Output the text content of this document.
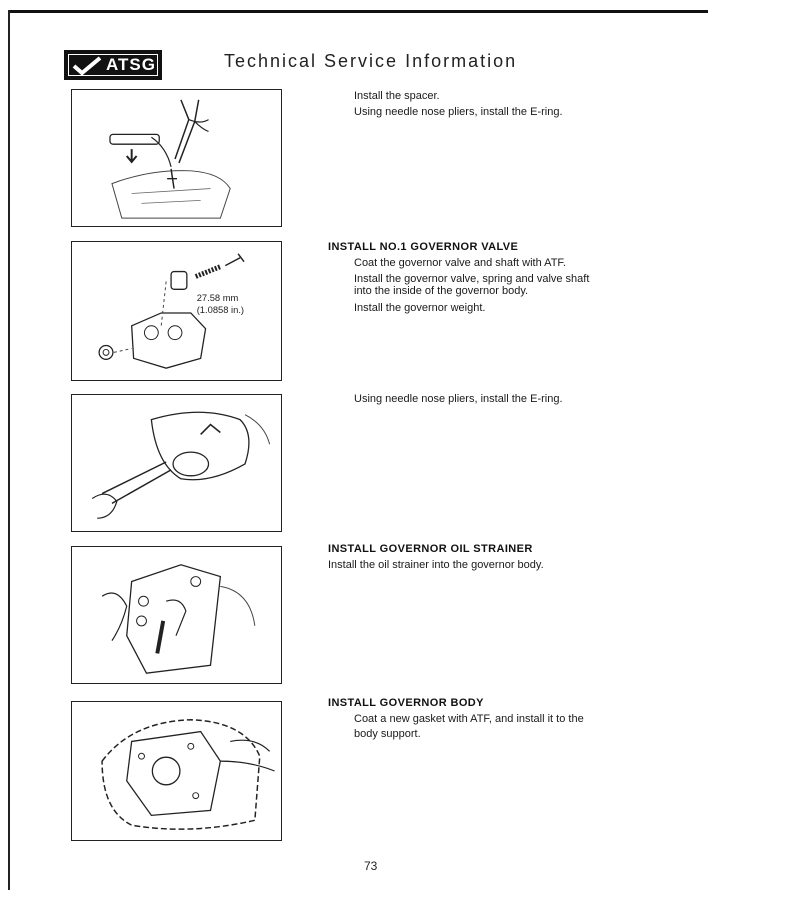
ATSG	Technical Service Information
27.58 mm
(1.0858 in.)
Install the spacer.
Using needle nose pliers, install the E-ring.
INSTALL NO.1 GOVERNOR VALVE
Coat the governor valve and shaft with ATF.
Install the governor valve, spring and valve shaft
into the inside of the governor body.
Install the governor weight.
Using needle nose pliers, install the E-ring.
INSTALL GOVERNOR OIL STRAINER
Install the oil strainer into the governor body.
INSTALL GOVERNOR BODY
Coat a new gasket with ATF, and install it to the
body support.
73
